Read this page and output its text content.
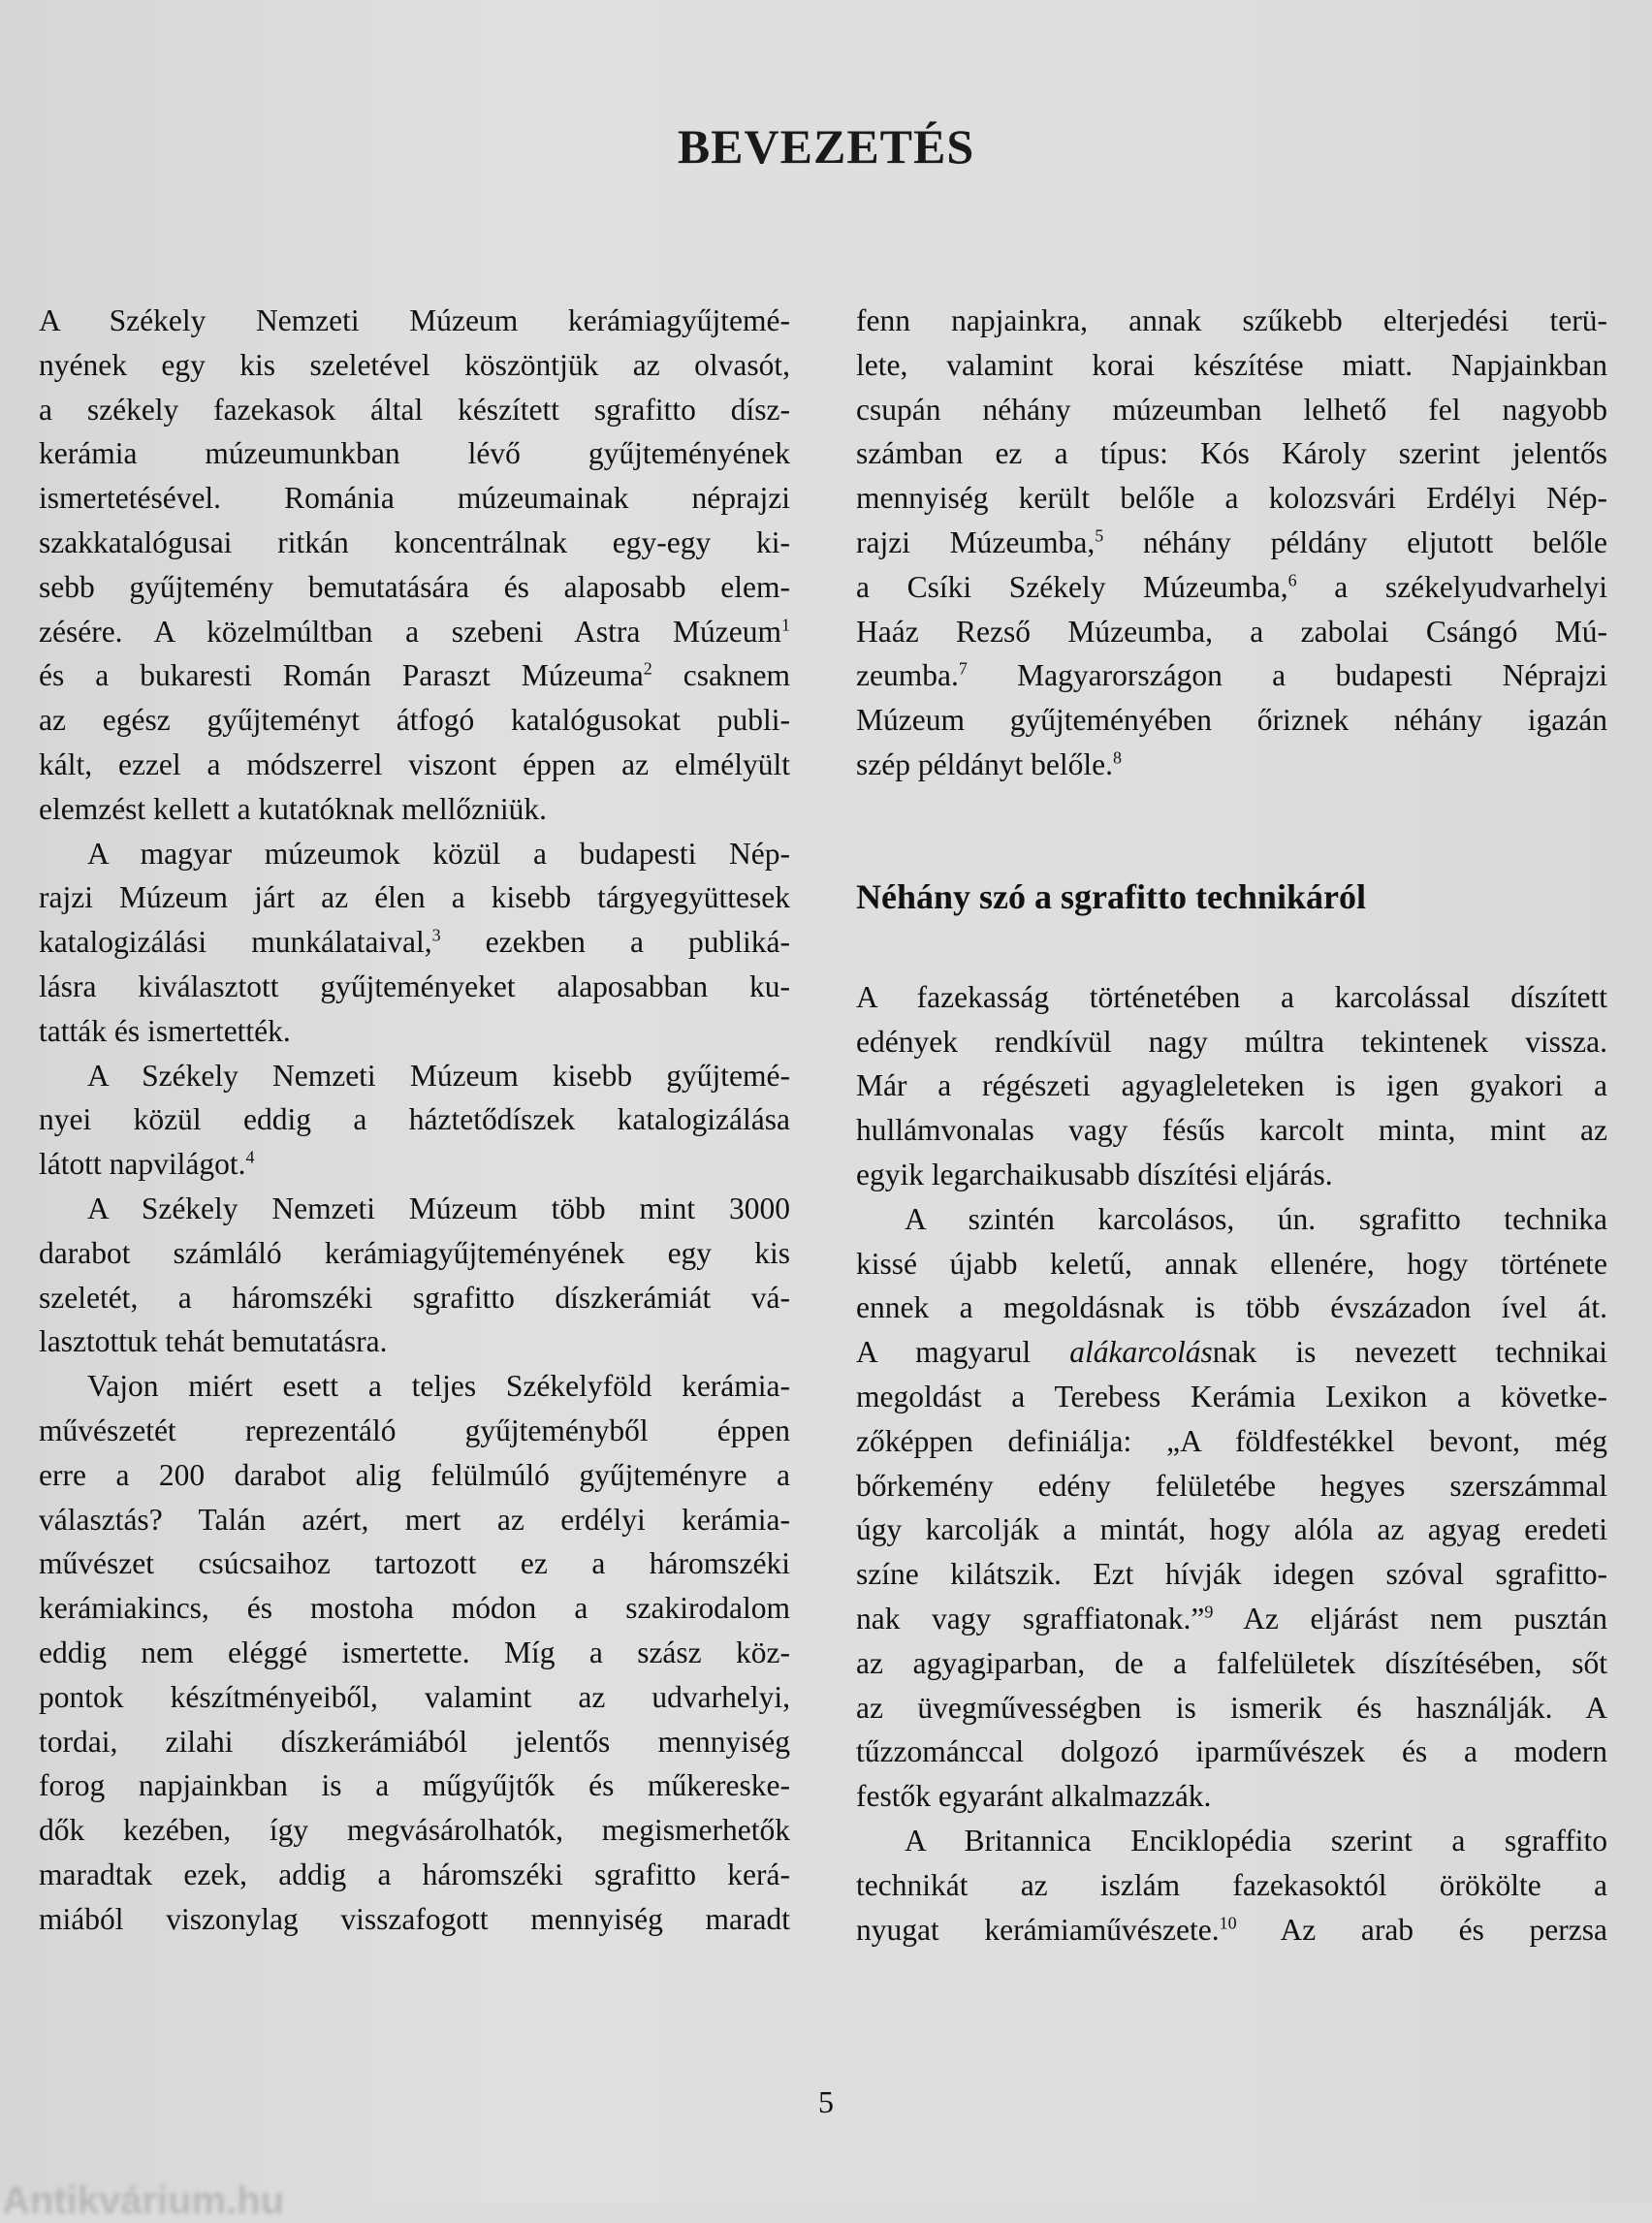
BEVEZETÉS

A Székely Nemzeti Múzeum kerámiagyűjtemé-
nyének egy kis szeletével köszöntjük az olvasót,
a székely fazekasok által készített sgrafitto dísz-
kerámia múzeumunkban lévő gyűjteményének
ismertetésével. Románia múzeumainak néprajzi
szakkatalógusai ritkán koncentrálnak egy-egy ki-
sebb gyűjtemény bemutatására és alaposabb elem-
zésére. A közelmúltban a szebeni Astra Múzeum$^1$
és a bukaresti Román Paraszt Múzeuma$^2$ csaknem
az egész gyűjteményt átfogó katalógusokat publi-
kált, ezzel a módszerrel viszont éppen az elmélyült
elemzést kellett a kutatóknak mellőzniük.

A magyar múzeumok közül a budapesti Nép-
rajzi Múzeum járt az élen a kisebb tárgyegyüttesek
katalogizálási munkálataival,$^3$ ezekben a publiká-
lásra kiválasztott gyűjteményeket alaposabban ku-
tatták és ismertették.

A Székely Nemzeti Múzeum kisebb gyűjtemé-
nyei közül eddig a háztetődíszek katalogizálása
látott napvilágot.$^4$

A Székely Nemzeti Múzeum több mint 3000
darabot számláló kerámiagyűjteményének egy kis
szeletét, a háromszéki sgrafitto díszkerámiát vá-
lasztottuk tehát bemutatásra.

Vajon miért esett a teljes Székelyföld kerámia-
művészetét reprezentáló gyűjteményből éppen
erre a 200 darabot alig felülmúló gyűjteményre a
választás? Talán azért, mert az erdélyi kerámia-
művészet csúcsaihoz tartozott ez a háromszéki
kerámiakincs, és mostoha módon a szakirodalom
eddig nem eléggé ismertette. Míg a szász köz-
pontok készítményeiből, valamint az udvarhelyi,
tordai, zilahi díszkerámiából jelentős mennyiség
forog napjainkban is a műgyűjtők és műkereske-
dők kezében, így megvásárolhatók, megismerhetők
maradtak ezek, addig a háromszéki sgrafitto kerá-
miából viszonylag visszafogott mennyiség maradt

fenn napjainkra, annak szűkebb elterjedési terü-
lete, valamint korai készítése miatt. Napjainkban
csupán néhány múzeumban lelhető fel nagyobb
számban ez a típus: Kós Károly szerint jelentős
mennyiség került belőle a kolozsvári Erdélyi Nép-
rajzi Múzeumba,$^5$ néhány példány eljutott belőle
a Csíki Székely Múzeumba,$^6$ a székelyudvarhelyi
Haáz Rezső Múzeumba, a zabolai Csángó Mú-
zeumba.$^7$ Magyarországon a budapesti Néprajzi
Múzeum gyűjteményében őriznek néhány igazán
szép példányt belőle.$^8$

Néhány szó a sgrafitto technikáról

A fazekasság történetében a karcolással díszített
edények rendkívül nagy múltra tekintenek vissza.
Már a régészeti agyagleleteken is igen gyakori a
hullámvonalas vagy fésűs karcolt minta, mint az
egyik legarchaikusabb díszítési eljárás.

A szintén karcolásos, ún. sgrafitto technika
kissé újabb keletű, annak ellenére, hogy története
ennek a megoldásnak is több évszázadon ível át.
A magyarul alákarcolásnak is nevezett technikai
megoldást a Terebess Kerámia Lexikon a követke-
zőképpen definiálja: „A földfestékkel bevont, még
bőrkemény edény felületébe hegyes szerszámmal
úgy karcolják a mintát, hogy alóla az agyag eredeti
színe kilátszik. Ezt hívják idegen szóval sgrafitto-
nak vagy sgraffiatonak.”$^9$ Az eljárást nem pusztán
az agyagiparban, de a falfelületek díszítésében, sőt
az üvegművességben is ismerik és használják. A
tűzzománccal dolgozó iparművészek és a modern
festők egyaránt alkalmazzák.

A Britannica Enciklopédia szerint a sgraffito
technikát az iszlám fazekasoktól örökölte a
nyugat kerámiaművészete.$^{10}$ Az arab és perzsa

5
Antikvárium.hu
